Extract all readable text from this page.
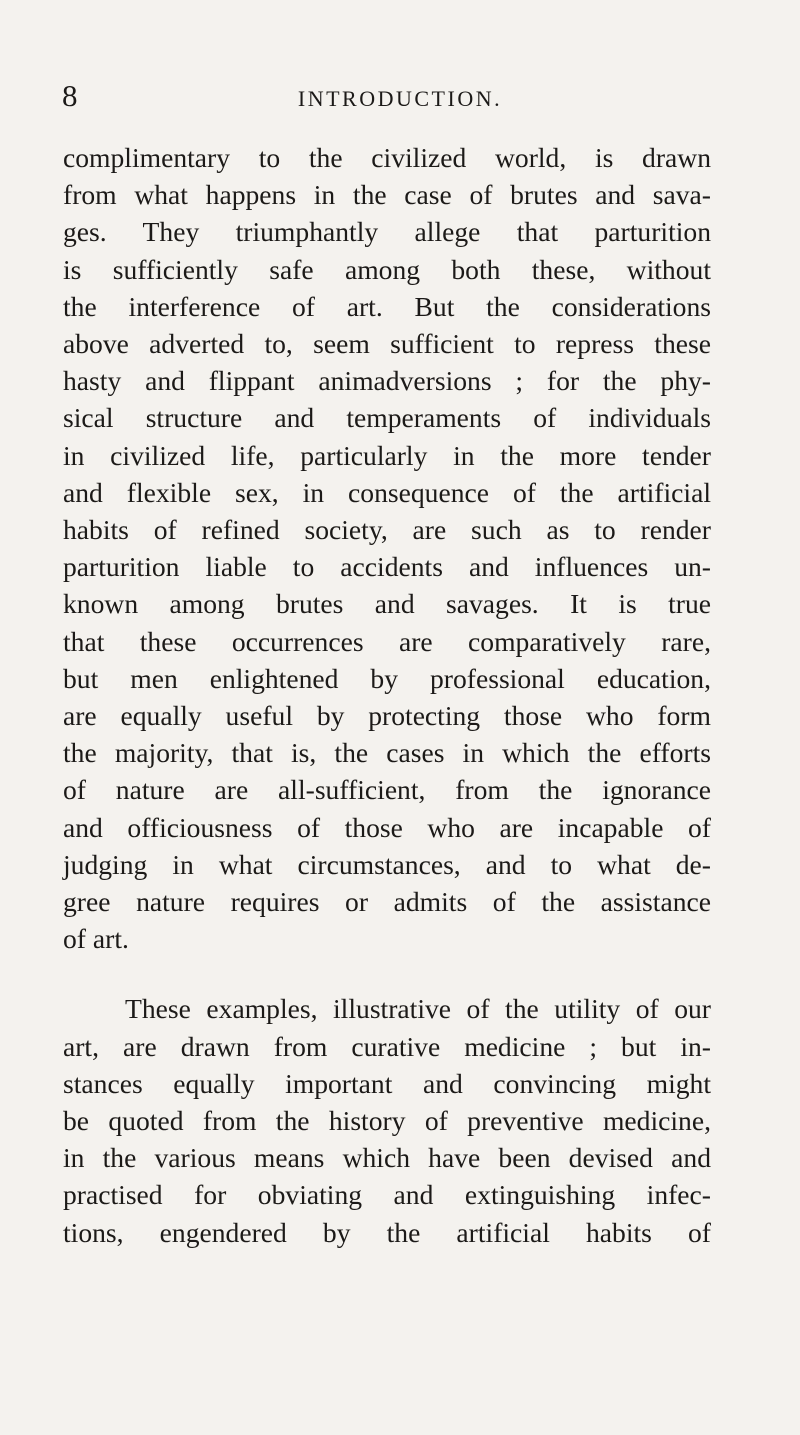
8	INTRODUCTION.
complimentary to the civilized world, is drawn
from what happens in the case of brutes and sava-
ges. They triumphantly allege that parturition
is sufficiently safe among both these, without
the interference of art. But the considerations
above adverted to, seem sufficient to repress these
hasty and flippant animadversions ; for the phy-
sical structure and temperaments of individuals
in civilized life, particularly in the more tender
and flexible sex, in consequence of the artificial
habits of refined society, are such as to render
parturition liable to accidents and influences un-
known among brutes and savages. It is true
that these occurrences are comparatively rare,
but men enlightened by professional education,
are equally useful by protecting those who form
the majority, that is, the cases in which the efforts
of nature are all-sufficient, from the ignorance
and officiousness of those who are incapable of
judging in what circumstances, and to what de-
gree nature requires or admits of the assistance
of art.
These examples, illustrative of the utility of our
art, are drawn from curative medicine ; but in-
stances equally important and convincing might
be quoted from the history of preventive medicine,
in the various means which have been devised and
practised for obviating and extinguishing infec-
tions, engendered by the artificial habits of
